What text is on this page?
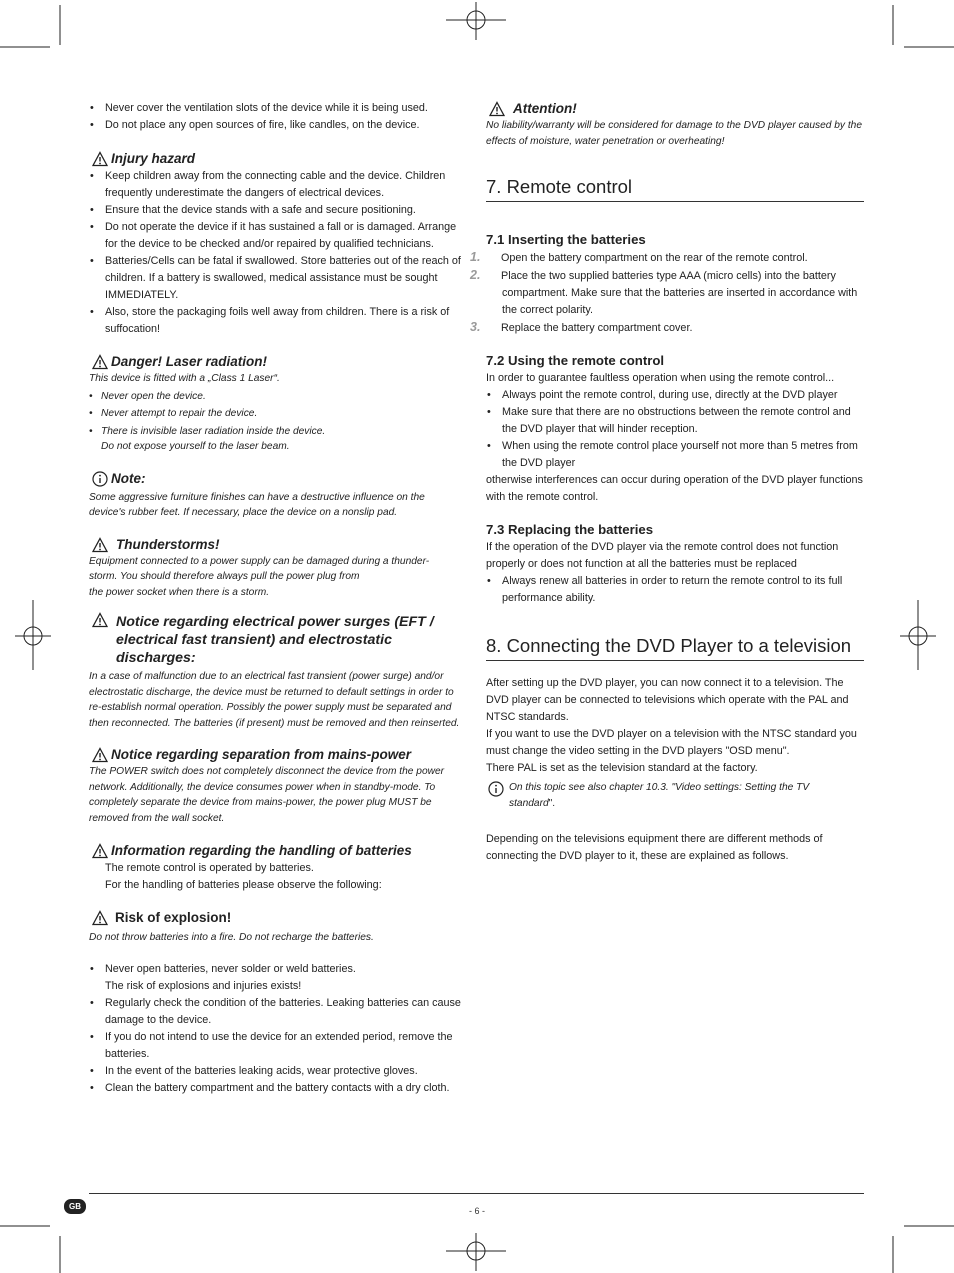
• Never cover the ventilation slots of the device while it is being used.
• Do not place any open sources of fire, like candles, on the device.
Injury hazard
• Keep children away from the connecting cable and the device. Children frequently underestimate the dangers of electrical devices.
• Ensure that the device stands with a safe and secure positioning.
• Do not operate the device if it has sustained a fall or is damaged. Arrange for the device to be checked and/or repaired by qualified technicians.
• Batteries/Cells can be fatal if swallowed. Store batteries out of the reach of children. If a battery is swallowed, medical assistance must be sought IMMEDIATELY.
• Also, store the packaging foils well away from children. There is a risk of suffocation!
Danger! Laser radiation!

This device is fitted with a „Class 1 Laser“.

• Never open the device.
• Never attempt to repair the device.
• There is invisible laser radiation inside the device.

Do not expose yourself to the laser beam.

Note:

Some aggressive furniture finishes can have a destructive influence on the device's rubber feet. If necessary, place the device on a nonslip pad.

Thunderstorms!

Equipment connected to a power supply can be damaged during a thunder-

storm. You should therefore always pull the power plug from

the power socket when there is a storm.

Notice regarding electrical power surges (EFT / electrical fast transient) and electrostatic discharges:

In a case of malfunction due to an electrical fast transient (power surge) and/or electrostatic discharge, the device must be returned to default settings in order to re-establish normal operation. Possibly the power supply must be separated and then reconnected. The batteries (if present) must be removed and then reinserted.

Notice regarding separation from mains-power

The POWER switch does not completely disconnect the device from the power network. Additionally, the device consumes power when in standby-mode. To completely separate the device from mains-power, the power plug MUST be removed from the wall socket.

Information regarding the handling of batteries

The remote control is operated by batteries.

For the handling of batteries please observe the following:

Risk of explosion!

Do not throw batteries into a fire. Do not recharge the batteries.

• Never open batteries, never solder or weld batteries.
The risk of explosions and injuries exists!
• Regularly check the condition of the batteries. Leaking batteries can cause damage to the device.
• If you do not intend to use the device for an extended period, remove the batteries.
• In the event of the batteries leaking acids, wear protective gloves.
• Clean the battery compartment and the battery contacts with a dry cloth.
Attention!

No liability/warranty will be considered for damage to the DVD player caused by the effects of moisture, water penetration or overheating!

7. Remote control
7.1 Inserting the batteries

1. Open the battery compartment on the rear of the remote control.

2. Place the two supplied batteries type AAA (micro cells) into the battery compartment. Make sure that the batteries are inserted in accordance with the correct polarity.

3. Replace the battery compartment cover.

7.2 Using the remote control

In order to guarantee faultless operation when using the remote control...

• Always point the remote control, during use, directly at the DVD player
• Make sure that there are no obstructions between the remote control and the DVD player that will hinder reception.
• When using the remote control place yourself not more than 5 metres from the DVD player

otherwise interferences can occur during operation of the DVD player functions with the remote control.

7.3 Replacing the batteries

If the operation of the DVD player via the remote control does not function properly or does not function at all the batteries must be replaced

• Always renew all batteries in order to return the remote control to its full performance ability.
8. Connecting the DVD Player to a television

After setting up the DVD player, you can now connect it to a television. The DVD player can be connected to televisions which operate with the PAL and NTSC standards.

If you want to use the DVD player on a television with the NTSC standard you must change the video setting in the DVD players "OSD menu".

There PAL is set as the television standard at the factory.

On this topic see also chapter 10.3. "Video settings: Setting the TV standard".

Depending on the televisions equipment there are different methods of connecting the DVD player to it, these are explained as follows.

GB	- 6 -
